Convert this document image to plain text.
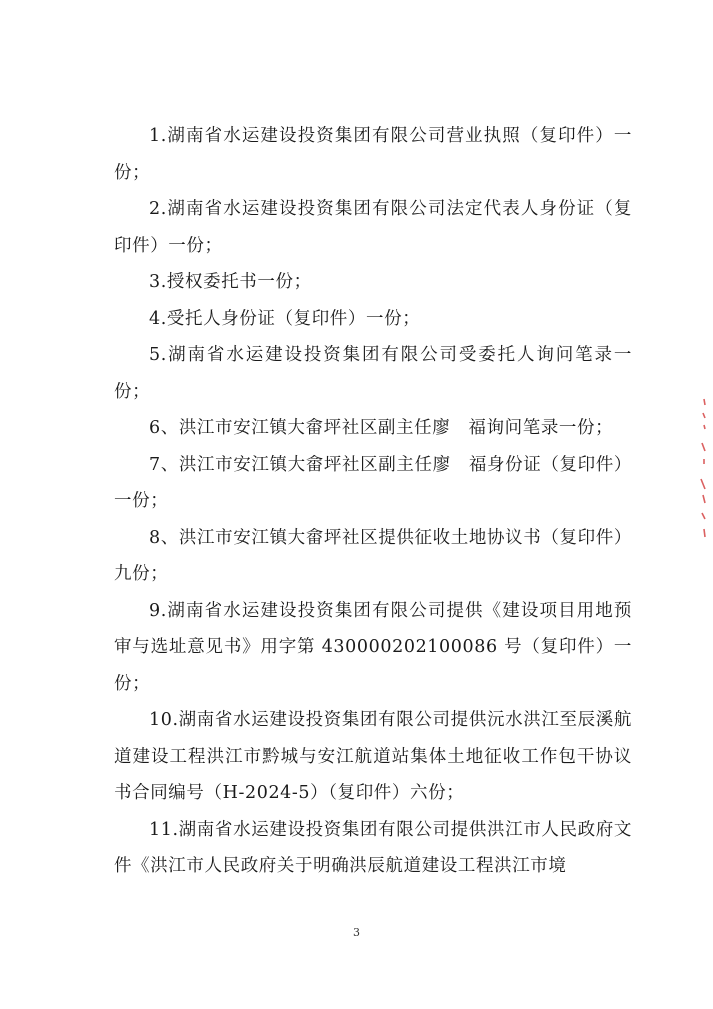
1.湖南省水运建设投资集团有限公司营业执照（复印件）一份；

2.湖南省水运建设投资集团有限公司法定代表人身份证（复印件）一份；

3.授权委托书一份；

4.受托人身份证（复印件）一份；

5.湖南省水运建设投资集团有限公司受委托人询问笔录一份；

6、洪江市安江镇大畲坪社区副主任廖　福询问笔录一份；

7、洪江市安江镇大畲坪社区副主任廖　福身份证（复印件）一份；

8、洪江市安江镇大畲坪社区提供征收土地协议书（复印件）九份；

9.湖南省水运建设投资集团有限公司提供《建设项目用地预审与选址意见书》用字第 430000202100086 号（复印件）一份；

10.湖南省水运建设投资集团有限公司提供沅水洪江至辰溪航道建设工程洪江市黔城与安江航道站集体土地征收工作包干协议书合同编号（H-2024-5）（复印件）六份；

11.湖南省水运建设投资集团有限公司提供洪江市人民政府文件《洪江市人民政府关于明确洪辰航道建设工程洪江市境

3
